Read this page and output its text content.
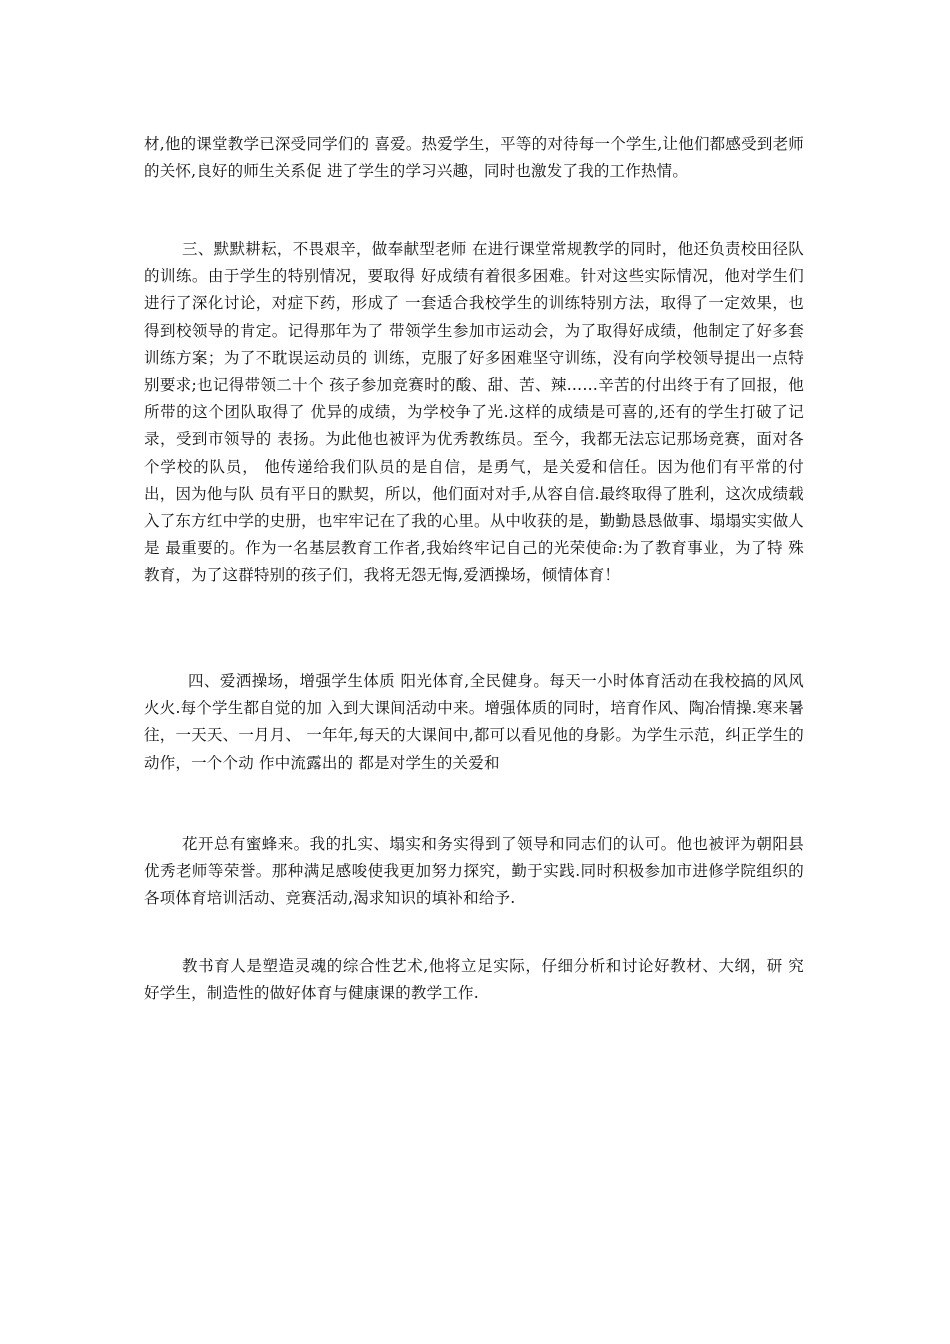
材,他的课堂教学已深受同学们的 喜爱。热爱学生，平等的对待每一个学生,让他们都感受到老师的关怀,良好的师生关系促 进了学生的学习兴趣，同时也激发了我的工作热情。

三、默默耕耘，不畏艰辛，做奉献型老师 在进行课堂常规教学的同时，他还负责校田径队的训练。由于学生的特别情况，要取得 好成绩有着很多困难。针对这些实际情况，他对学生们进行了深化讨论，对症下药，形成了 一套适合我校学生的训练特别方法，取得了一定效果，也得到校领导的肯定。记得那年为了 带领学生参加市运动会，为了取得好成绩，他制定了好多套训练方案；为了不耽误运动员的 训练，克服了好多困难坚守训练，没有向学校领导提出一点特别要求;也记得带领二十个 孩子参加竞赛时的酸、甜、苦、辣……辛苦的付出终于有了回报，他所带的这个团队取得了 优异的成绩，为学校争了光.这样的成绩是可喜的,还有的学生打破了记录，受到市领导的 表扬。为此他也被评为优秀教练员。至今，我都无法忘记那场竞赛，面对各个学校的队员， 他传递给我们队员的是自信，是勇气，是关爱和信任。因为他们有平常的付出，因为他与队 员有平日的默契，所以，他们面对对手,从容自信.最终取得了胜利，这次成绩载入了东方红中学的史册，也牢牢记在了我的心里。从中收获的是，勤勤恳恳做事、塌塌实实做人是 最重要的。作为一名基层教育工作者,我始终牢记自己的光荣使命:为了教育事业，为了特 殊教育，为了这群特别的孩子们，我将无怨无悔,爱洒操场，倾情体育！

四、爱洒操场，增强学生体质 阳光体育,全民健身。每天一小时体育活动在我校搞的风风火火.每个学生都自觉的加 入到大课间活动中来。增强体质的同时，培育作风、陶冶情操.寒来暑往，一天天、一月月、 一年年,每天的大课间中,都可以看见他的身影。为学生示范，纠正学生的动作，一个个动 作中流露出的 都是对学生的关爱和

花开总有蜜蜂来。我的扎实、塌实和务实得到了领导和同志们的认可。他也被评为朝阳县优秀老师等荣誉。那种满足感唆使我更加努力探究，勤于实践.同时积极参加市进修学院组织的各项体育培训活动、竞赛活动,渴求知识的填补和给予.

教书育人是塑造灵魂的综合性艺术,他将立足实际，仔细分析和讨论好教材、大纲，研 究好学生，制造性的做好体育与健康课的教学工作.
